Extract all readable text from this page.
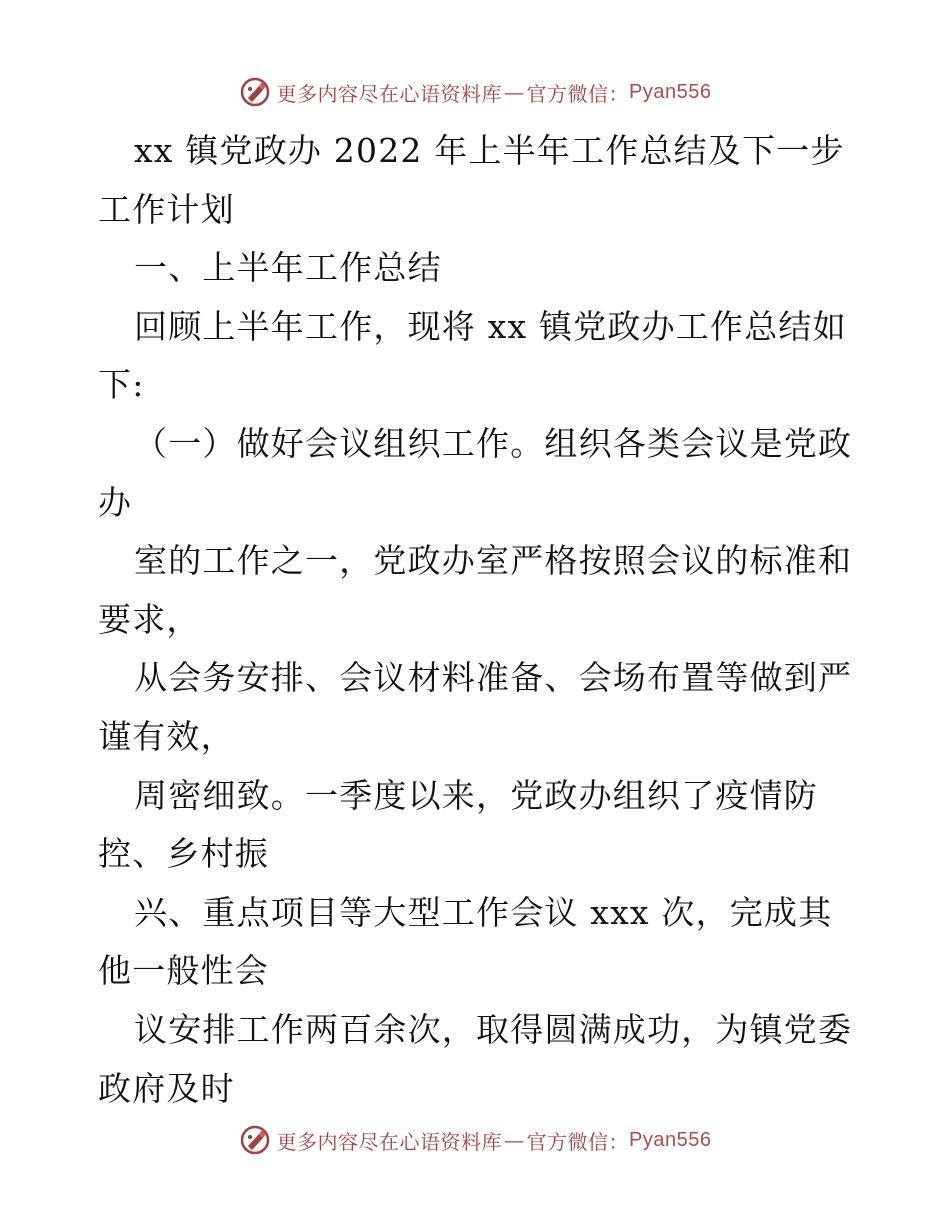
更多内容尽在心语资料库 — 官方微信： Pyan556
xx 镇党政办 2022 年上半年工作总结及下一步
工作计划
一、上半年工作总结
回顾上半年工作，现将 xx 镇党政办工作总结如
下:
（一）做好会议组织工作。组织各类会议是党政
办
室的工作之一，党政办室严格按照会议的标准和
要求，
从会务安排、会议材料准备、会场布置等做到严
谨有效，
周密细致。一季度以来，党政办组织了疫情防
控、乡村振
兴、重点项目等大型工作会议 xxx 次，完成其
他一般性会
议安排工作两百余次，取得圆满成功，为镇党委
政府及时
更多内容尽在心语资料库 — 官方微信： Pyan556
